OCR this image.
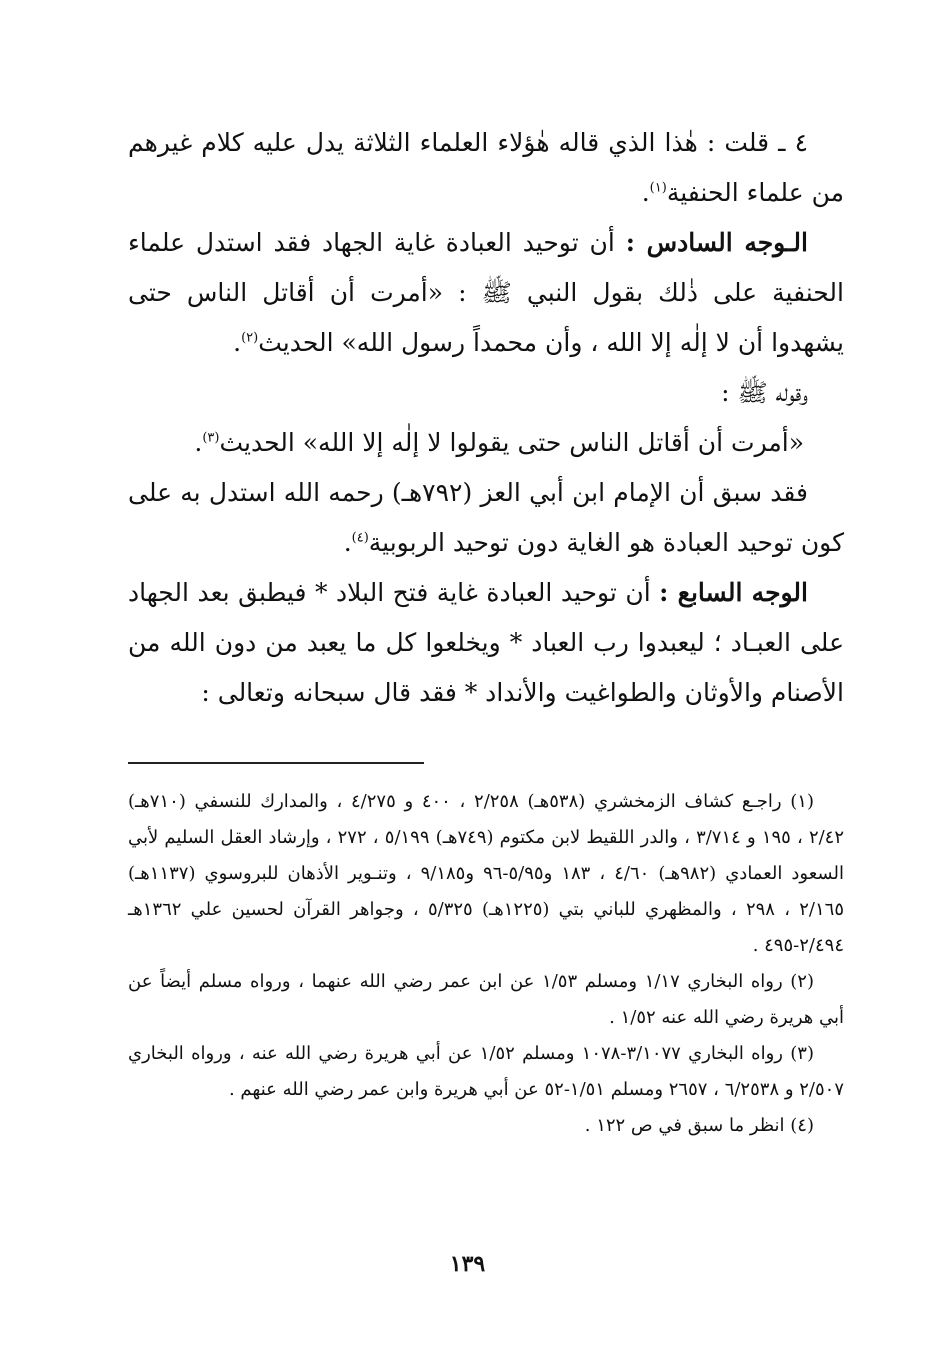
٤ ـ قلت : هٰذا الذي قاله هٰؤلاء العلماء الثلاثة يدل عليه كلام غيرهم من علماء الحنفية$^{(١)}$.

الـوجه السادس : أن توحيد العبادة غاية الجهاد فقد استدل علماء الحنفية على ذٰلك بقول النبي ﷺ : «أمرت أن أقاتل الناس حتى يشهدوا أن لا إلٰه إلا الله ، وأن محمداً رسول الله» الحديث$^{(٢)}$.

وقوله ﷺ :

«أمرت أن أقاتل الناس حتى يقولوا لا إلٰه إلا الله» الحديث$^{(٣)}$.

فقد سبق أن الإمام ابن أبي العز (٧٩٢هـ) رحمه الله استدل به على كون توحيد العبادة هو الغاية دون توحيد الربوبية$^{(٤)}$.

الوجه السابع : أن توحيد العبادة غاية فتح البلاد * فيطبق بعد الجهاد على العبـاد ؛ ليعبدوا رب العباد * ويخلعوا كل ما يعبد من دون الله من الأصنام والأوثان والطواغيت والأنداد * فقد قال سبحانه وتعالى :

(١) راجـع كشاف الزمخشري (٥٣٨هـ) ٢/٢٥٨ ، ٤٠٠ و ٤/٢٧٥ ، والمدارك للنسفي (٧١٠هـ) ٢/٤٢ ، ١٩٥ و ٣/٧١٤ ، والدر اللقيط لابن مكتوم (٧٤٩هـ) ٥/١٩٩ ، ٢٧٢ ، وإرشاد العقل السليم لأبي السعود العمادي (٩٨٢هـ) ٤/٦٠ ، ١٨٣ و٥/٩٥-٩٦ و٩/١٨٥ ، وتنـوير الأذهان للبروسوي (١١٣٧هـ) ٢/١٦٥ ، ٢٩٨ ، والمظهري للباني بتي (١٢٢٥هـ) ٥/٣٢٥ ، وجواهر القرآن لحسين علي ١٣٦٢هـ ٢/٤٩٤-٤٩٥ .

(٢) رواه البخاري ١/١٧ ومسلم ١/٥٣ عن ابن عمر رضي الله عنهما ، ورواه مسلم أيضاً عن أبي هريرة رضي الله عنه ١/٥٢ .

(٣) رواه البخاري ٣/١٠٧٧-١٠٧٨ ومسلم ١/٥٢ عن أبي هريرة رضي الله عنه ، ورواه البخاري ٢/٥٠٧ و ٦/٢٥٣٨ ، ٢٦٥٧ ومسلم ١/٥١-٥٢ عن أبي هريرة وابن عمر رضي الله عنهم .

(٤) انظر ما سبق في ص ١٢٢ .

١٣٩
